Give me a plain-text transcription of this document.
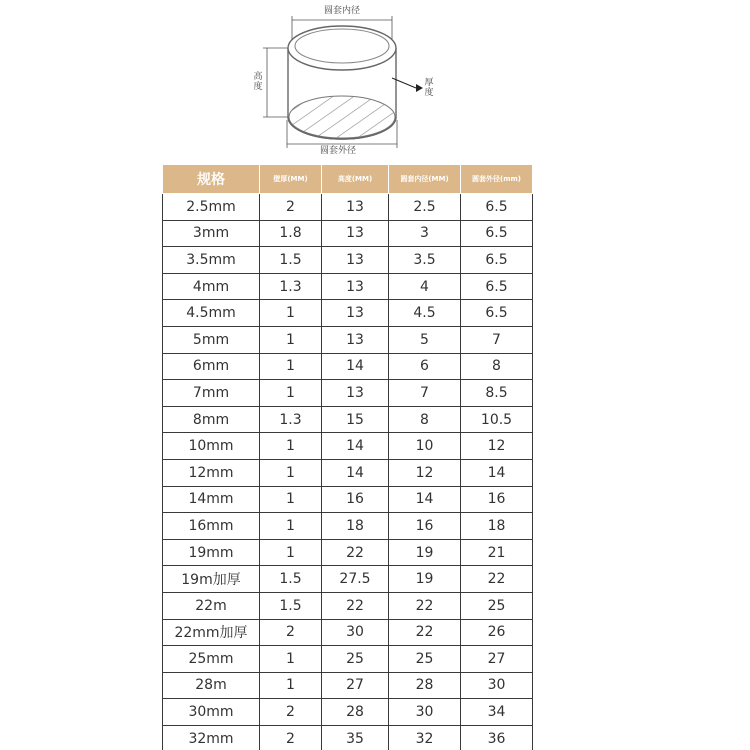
圆套内径
圆套外径
高度	厚度
规格	壁厚(MM)	高度(MM)	圆套内径(MM)	圆套外径(mm)
2.5mm	2	13	2.5	6.5
3mm	1.8	13	3	6.5
3.5mm	1.5	13	3.5	6.5
4mm	1.3	13	4	6.5
4.5mm	1	13	4.5	6.5
5mm	1	13	5	7
6mm	1	14	6	8
7mm	1	13	7	8.5
8mm	1.3	15	8	10.5
10mm	1	14	10	12
12mm	1	14	12	14
14mm	1	16	14	16
16mm	1	18	16	18
19mm	1	22	19	21
19m加厚	1.5	27.5	19	22
22m	1.5	22	22	25
22mm加厚	2	30	22	26
25mm	1	25	25	27
28m	1	27	28	30
30mm	2	28	30	34
32mm	2	35	32	36
